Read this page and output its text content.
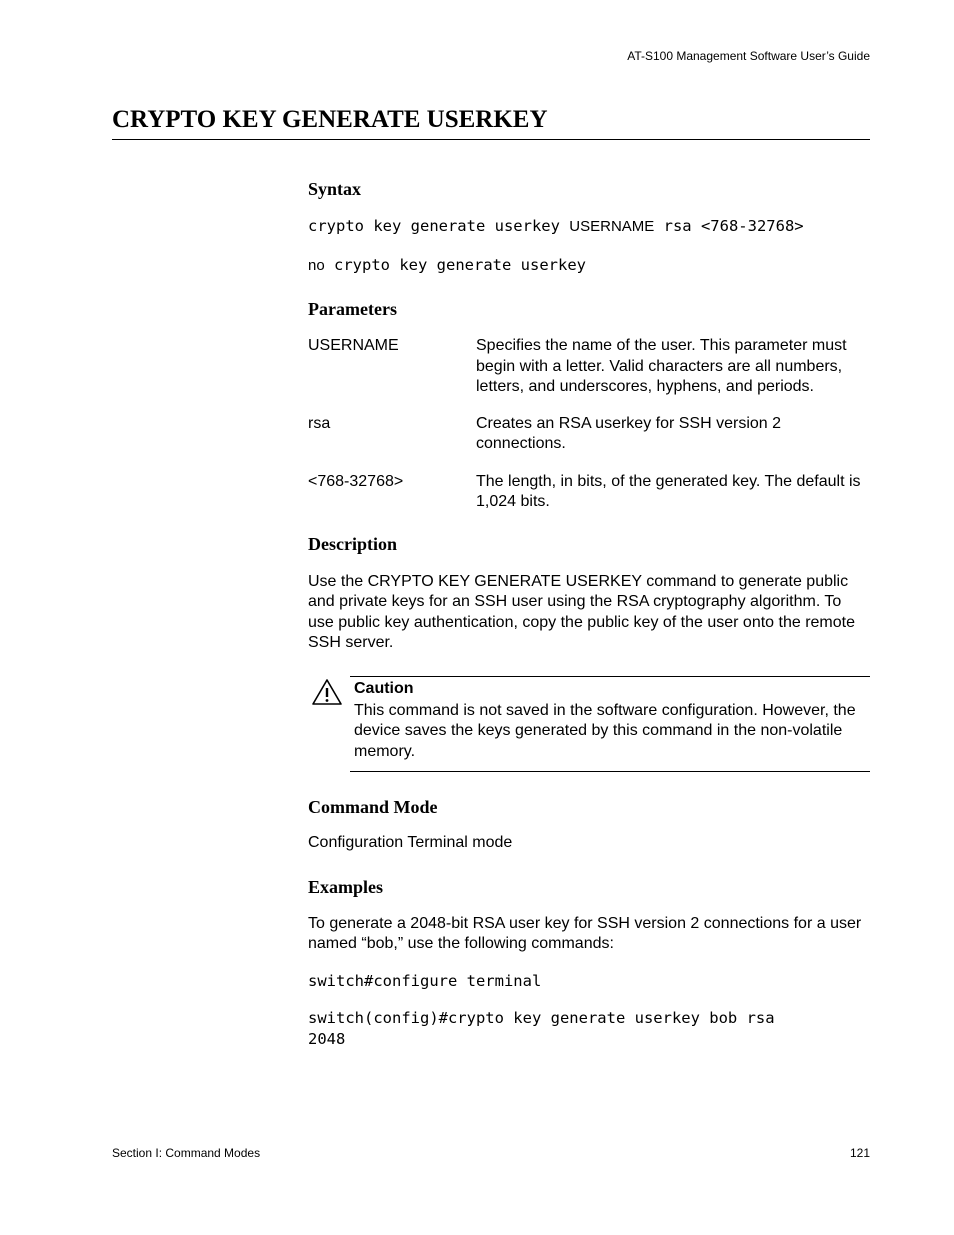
AT-S100 Management Software User’s Guide
CRYPTO KEY GENERATE USERKEY
Syntax
crypto key generate userkey USERNAME rsa <768-32768>
no crypto key generate userkey
Parameters
USERNAME	Specifies the name of the user. This parameter must begin with a letter. Valid characters are all numbers, letters, and underscores, hyphens, and periods.
rsa	Creates an RSA userkey for SSH version 2 connections.
<768-32768>	The length, in bits, of the generated key. The default is 1,024 bits.
Description
Use the CRYPTO KEY GENERATE USERKEY command to generate public and private keys for an SSH user using the RSA cryptography algorithm. To use public key authentication, copy the public key of the user onto the remote SSH server.
Caution
This command is not saved in the software configuration. However, the device saves the keys generated by this command in the non-volatile memory.
Command Mode
Configuration Terminal mode
Examples
To generate a 2048-bit RSA user key for SSH version 2 connections for a user named “bob,” use the following commands:
switch#configure terminal
switch(config)#crypto key generate userkey bob rsa
2048
Section I: Command Modes	121
